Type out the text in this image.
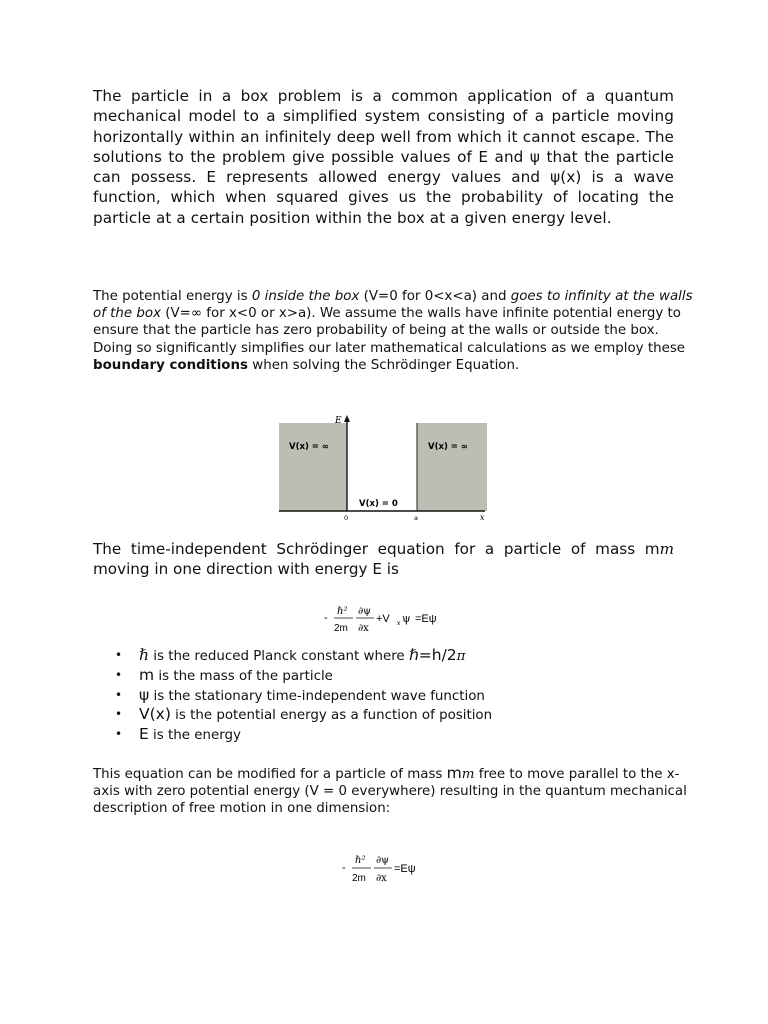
The particle in a box problem is a common application of a quantum mechanical model to a simplified system consisting of a particle moving horizontally within an infinitely deep well from which it cannot escape. The solutions to the problem give possible values of E and ψ that the particle can possess. E represents allowed energy values and ψ(x) is a wave function, which when squared gives us the probability of locating the particle at a certain position within the box at a given energy level.

The potential energy is 0 inside the box (V=0 for 0<x<a) and goes to infinity at the walls of the box (V=∞ for x<0 or x>a). We assume the walls have infinite potential energy to ensure that the particle has zero probability of being at the walls or outside the box. Doing so significantly simplifies our later mathematical calculations as we employ these boundary conditions when solving the Schrödinger Equation.

E
x
V(x) = ∞	V(x) = ∞
V(x) = 0
0	a

The time-independent Schrödinger equation for a particle of mass mm moving in one direction with energy E is

-
ℏ²
2m
∂ψ
∂x
+V x ψ =Eψ
• ℏ is the reduced Planck constant where ℏ=h/2π
• m is the mass of the particle
• ψ is the stationary time-independent wave function
• V(x) is the potential energy as a function of position
• E is the energy

This equation can be modified for a particle of mass mm free to move parallel to the x-axis with zero potential energy (V = 0 everywhere) resulting in the quantum mechanical description of free motion in one dimension:

-
ℏ²
2m
∂ψ
∂x
=Eψ
